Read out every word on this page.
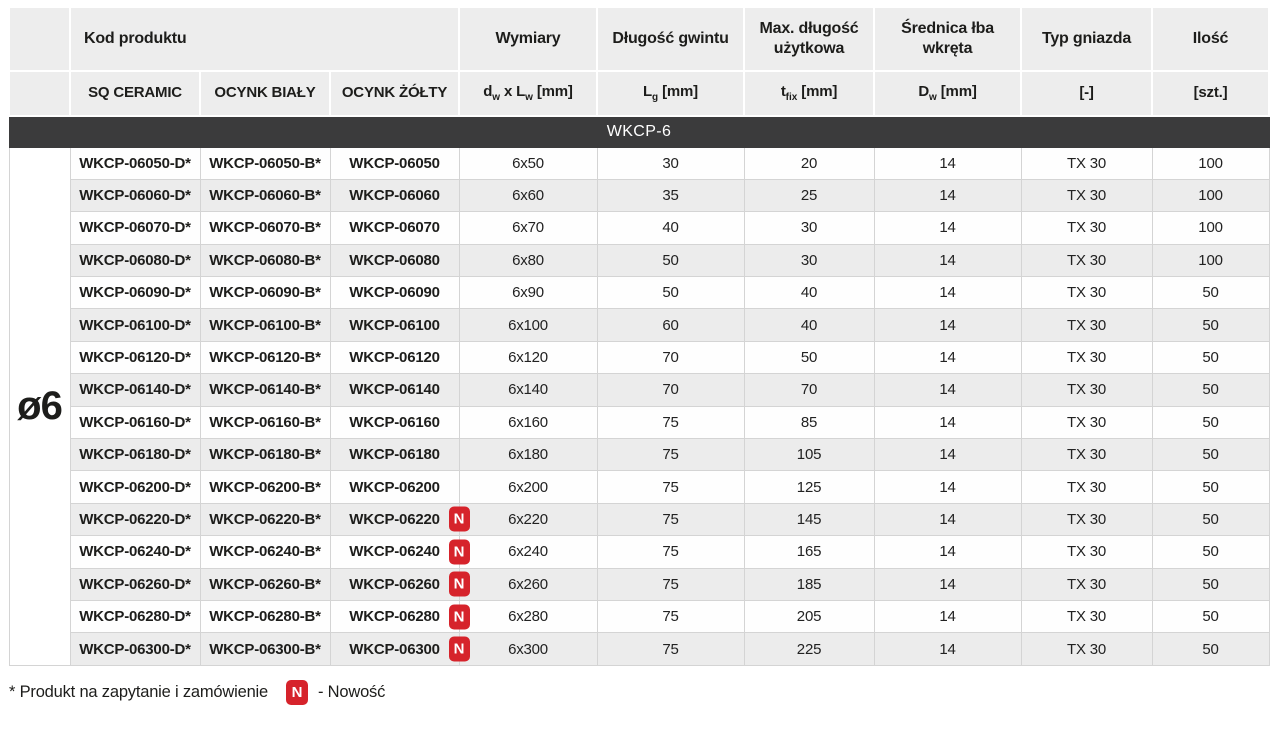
	Kod produktu			Wymiary	Długość gwintu	Max. długość użytkowa	Średnica łba wkręta	Typ gniazda	Ilość
	SQ CERAMIC	OCYNK BIAŁY	OCYNK ŻÓŁTY	$d_w$ x $L_w$ [mm]	$L_g$ [mm]	$t_{fix}$ [mm]	$D_w$ [mm]	[-]	[szt.]
WKCP-6									
ø6	WKCP-06050-D*	WKCP-06050-B*	WKCP-06050	6x50	30	20	14	TX 30	100
	WKCP-06060-D*	WKCP-06060-B*	WKCP-06060	6x60	35	25	14	TX 30	100
	WKCP-06070-D*	WKCP-06070-B*	WKCP-06070	6x70	40	30	14	TX 30	100
	WKCP-06080-D*	WKCP-06080-B*	WKCP-06080	6x80	50	30	14	TX 30	100
	WKCP-06090-D*	WKCP-06090-B*	WKCP-06090	6x90	50	40	14	TX 30	50
	WKCP-06100-D*	WKCP-06100-B*	WKCP-06100	6x100	60	40	14	TX 30	50
	WKCP-06120-D*	WKCP-06120-B*	WKCP-06120	6x120	70	50	14	TX 30	50
	WKCP-06140-D*	WKCP-06140-B*	WKCP-06140	6x140	70	70	14	TX 30	50
	WKCP-06160-D*	WKCP-06160-B*	WKCP-06160	6x160	75	85	14	TX 30	50
	WKCP-06180-D*	WKCP-06180-B*	WKCP-06180	6x180	75	105	14	TX 30	50
	WKCP-06200-D*	WKCP-06200-B*	WKCP-06200	6x200	75	125	14	TX 30	50
	WKCP-06220-D*	WKCP-06220-B*	WKCP-06220 N	6x220	75	145	14	TX 30	50
	WKCP-06240-D*	WKCP-06240-B*	WKCP-06240 N	6x240	75	165	14	TX 30	50
	WKCP-06260-D*	WKCP-06260-B*	WKCP-06260 N	6x260	75	185	14	TX 30	50
	WKCP-06280-D*	WKCP-06280-B*	WKCP-06280 N	6x280	75	205	14	TX 30	50
	WKCP-06300-D*	WKCP-06300-B*	WKCP-06300 N	6x300	75	225	14	TX 30	50
* Produkt na zapytanie i zamówienie	N - Nowość
